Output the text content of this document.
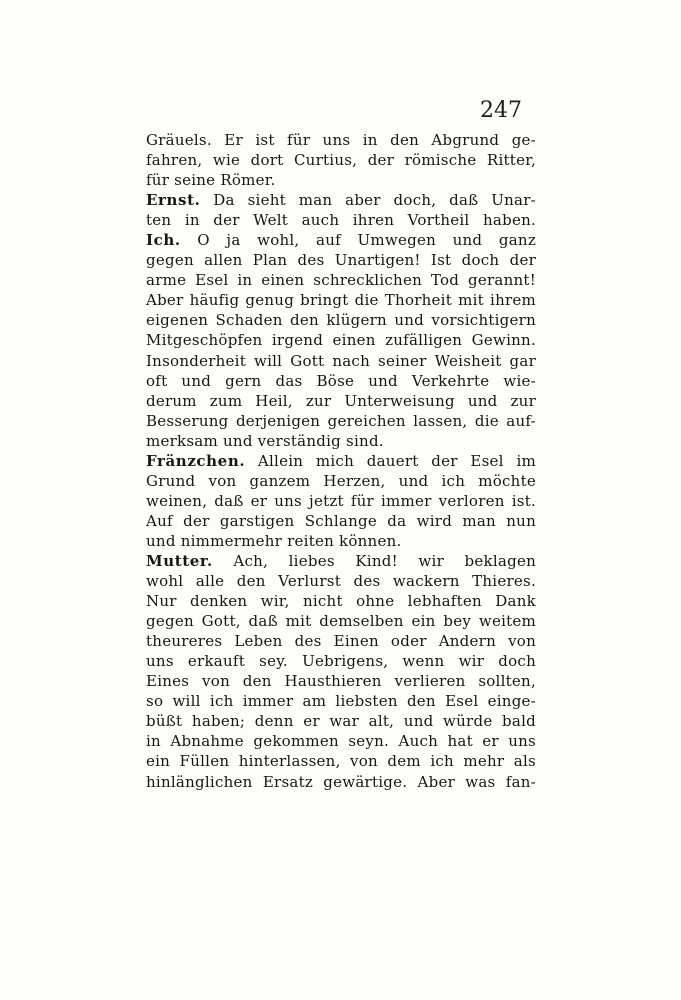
247
Gräuels. Er ist für uns in den Abgrund ge-
fahren, wie dort Curtius, der römische Ritter,
für seine Römer.
Ernst. Da sieht man aber doch, daß Unar-
ten in der Welt auch ihren Vortheil haben.
Ich. O ja wohl, auf Umwegen und ganz
gegen allen Plan des Unartigen! Ist doch der
arme Esel in einen schrecklichen Tod gerannt!
Aber häufig genug bringt die Thorheit mit ihrem
eigenen Schaden den klügern und vorsichtigern
Mitgeschöpfen irgend einen zufälligen Gewinn.
Insonderheit will Gott nach seiner Weisheit gar
oft und gern das Böse und Verkehrte wie-
derum zum Heil, zur Unterweisung und zur
Besserung derjenigen gereichen lassen, die auf-
merksam und verständig sind.
Fränzchen. Allein mich dauert der Esel im
Grund von ganzem Herzen, und ich möchte
weinen, daß er uns jetzt für immer verloren ist.
Auf der garstigen Schlange da wird man nun
und nimmermehr reiten können.
Mutter. Ach, liebes Kind! wir beklagen
wohl alle den Verlurst des wackern Thieres.
Nur denken wir, nicht ohne lebhaften Dank
gegen Gott, daß mit demselben ein bey weitem
theureres Leben des Einen oder Andern von
uns erkauft sey. Uebrigens, wenn wir doch
Eines von den Hausthieren verlieren sollten,
so will ich immer am liebsten den Esel einge-
büßt haben; denn er war alt, und würde bald
in Abnahme gekommen seyn. Auch hat er uns
ein Füllen hinterlassen, von dem ich mehr als
hinlänglichen Ersatz gewärtige. Aber was fan-
